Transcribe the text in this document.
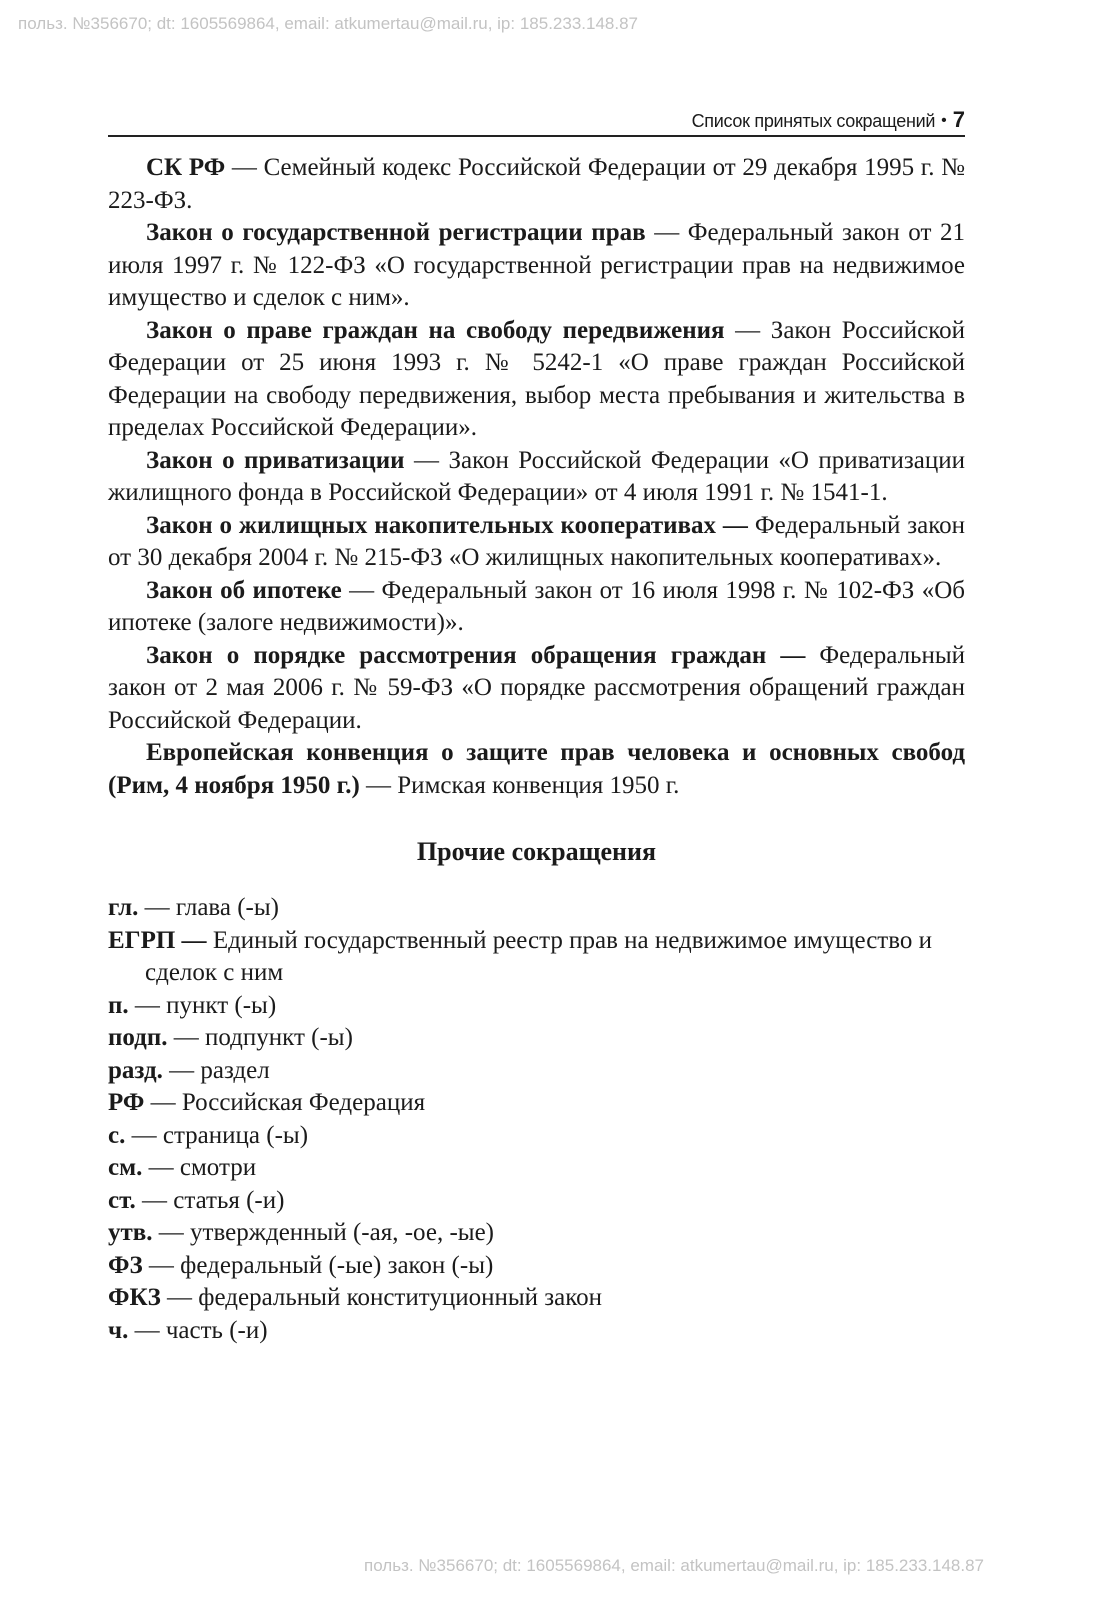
польз. №356670; dt: 1605569864, email: atkumertau@mail.ru, ip: 185.233.148.87
Список принятых сокращений • 7

СК РФ — Семейный кодекс Российской Федерации от 29 декабря 1995 г. № 223-ФЗ.

Закон о государственной регистрации прав — Федеральный закон от 21 июля 1997 г. № 122-ФЗ «О государственной регистрации прав на недвижимое имущество и сделок с ним».

Закон о праве граждан на свободу передвижения — Закон Российской Федерации от 25 июня 1993 г. № 5242-1 «О праве граждан Российской Федерации на свободу передвижения, выбор места пребывания и жительства в пределах Российской Федерации».

Закон о приватизации — Закон Российской Федерации «О приватизации жилищного фонда в Российской Федерации» от 4 июля 1991 г. № 1541-1.

Закон о жилищных накопительных кооперативах — Федеральный закон от 30 декабря 2004 г. № 215-ФЗ «О жилищных накопительных кооперативах».

Закон об ипотеке — Федеральный закон от 16 июля 1998 г. № 102-ФЗ «Об ипотеке (залоге недвижимости)».

Закон о порядке рассмотрения обращения граждан — Федеральный закон от 2 мая 2006 г. № 59-ФЗ «О порядке рассмотрения обращений граждан Российской Федерации.

Европейская конвенция о защите прав человека и основных свобод (Рим, 4 ноября 1950 г.) — Римская конвенция 1950 г.

Прочие сокращения

гл. — глава (-ы)

ЕГРП — Единый государственный реестр прав на недвижимое имущество и сделок с ним

п. — пункт (-ы)

подп. — подпункт (-ы)

разд. — раздел

РФ — Российская Федерация

с. — страница (-ы)

см. — смотри

ст. — статья (-и)

утв. — утвержденный (-ая, -ое, -ые)

ФЗ — федеральный (-ые) закон (-ы)

ФКЗ — федеральный конституционный закон

ч. — часть (-и)

польз. №356670; dt: 1605569864, email: atkumertau@mail.ru, ip: 185.233.148.87
